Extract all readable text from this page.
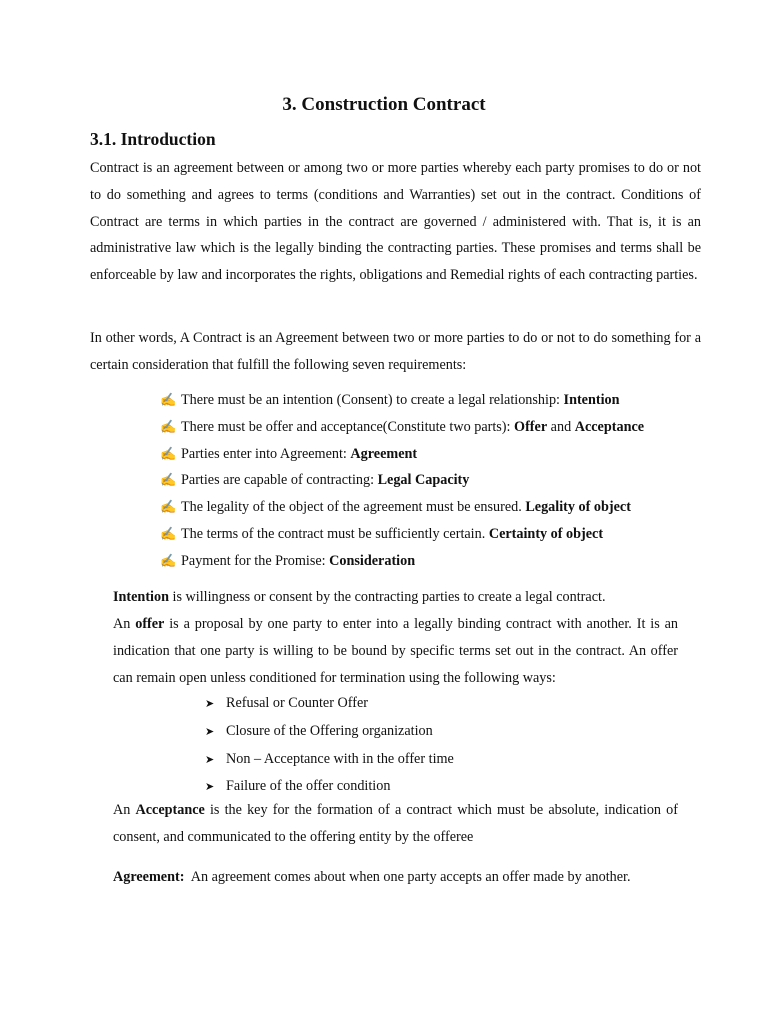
3. Construction Contract
3.1. Introduction

Contract is an agreement between or among two or more parties whereby each party promises to do or not to do something and agrees to terms (conditions and Warranties) set out in the contract. Conditions of Contract are terms in which parties in the contract are governed / administered with. That is, it is an administrative law which is the legally binding the contracting parties. These promises and terms shall be enforceable by law and incorporates the rights, obligations and Remedial rights of each contracting parties.

In other words, A Contract is an Agreement between two or more parties to do or not to do something for a certain consideration that fulfill the following seven requirements:

✍ There must be an intention (Consent) to create a legal relationship: Intention
✍ There must be offer and acceptance(Constitute two parts): Offer and Acceptance
✍ Parties enter into Agreement: Agreement
✍ Parties are capable of contracting: Legal Capacity
✍ The legality of the object of the agreement must be ensured. Legality of object
✍ The terms of the contract must be sufficiently certain. Certainty of object
✍ Payment for the Promise: Consideration

Intention is willingness or consent by the contracting parties to create a legal contract.

An offer is a proposal by one party to enter into a legally binding contract with another. It is an indication that one party is willing to be bound by specific terms set out in the contract. An offer can remain open unless conditioned for termination using the following ways:

➤ Refusal or Counter Offer
➤ Closure of the Offering organization
➤ Non – Acceptance with in the offer time
➤ Failure of the offer condition

An Acceptance is the key for the formation of a contract which must be absolute, indication of consent, and communicated to the offering entity by the offeree

Agreement:  An agreement comes about when one party accepts an offer made by another.
